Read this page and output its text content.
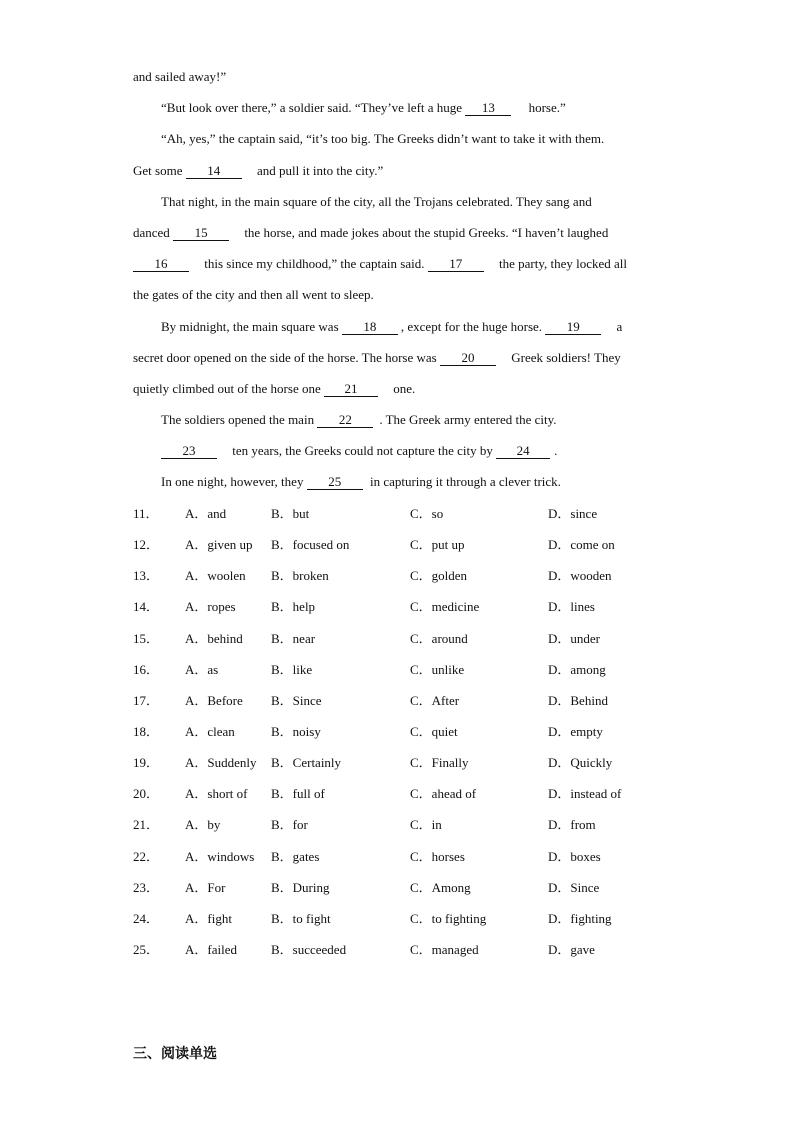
and sailed away!”
“But look over there,” a soldier said. “They’ve left a huge 13 horse.”
“Ah, yes,” the captain said, “it’s too big. The Greeks didn’t want to take it with them.
Get some 14	and pull it into the city.”
That night, in the main square of the city, all the Trojans celebrated. They sang and
danced 15	the horse, and made jokes about the stupid Greeks. “I haven’t laughed
16	this since my childhood,” the captain said. 17	the party, they locked all
the gates of the city and then all went to sleep.
By midnight, the main square was 18 , except for the huge horse. 19	a
secret door opened on the side of the horse. The horse was 20	Greek soldiers! They
quietly climbed out of the horse one 21	one.
The soldiers opened the main 22 . The Greek army entered the city.
23	ten years, the Greeks could not capture the city by 24 .
In one night, however, they 25 in capturing it through a clever trick.
11． A．and	B．but	C．so	D．since
12． A．given up B．focused on	C．put up	D．come on
13． A．woolen B．broken	C．golden	D．wooden
14． A．ropes	B．help	C．medicine	D．lines
15． A．behind B．near	C．around	D．under
16． A．as	B．like	C．unlike	D．among
17． A．Before B．Since	C．After	D．Behind
18． A．clean	B．noisy	C．quiet	D．empty
19． A．Suddenly B．Certainly	C．Finally	D．Quickly
20． A．short of B．full of	C．ahead of	D．instead of
21． A．by	B．for	C．in	D．from
22． A．windows B．gates	C．horses	D．boxes
23． A．For	B．During	C．Among	D．Since
24． A．fight	B．to fight	C．to fighting	D．fighting
25． A．failed	B．succeeded	C．managed	D．gave
三、阅读单选
